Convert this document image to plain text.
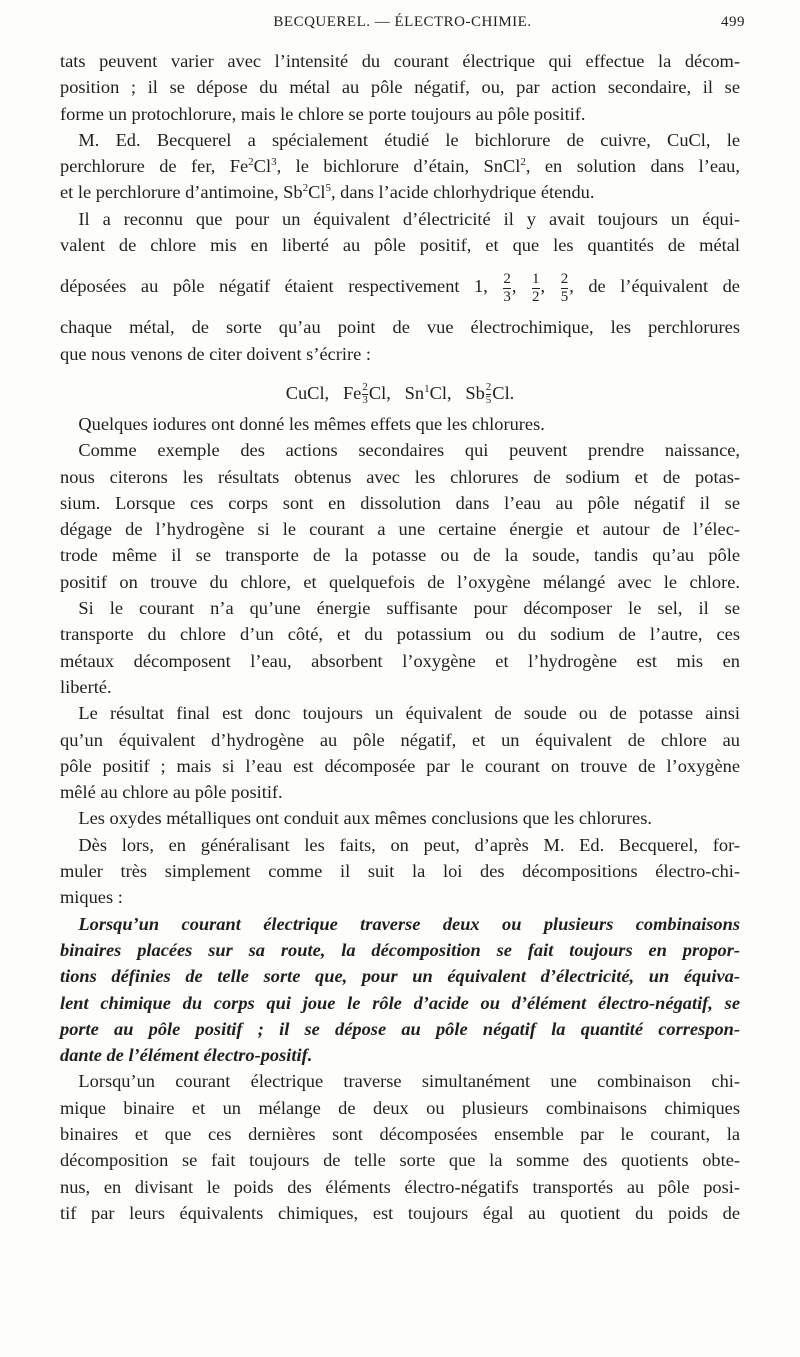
BECQUEREL. — ÉLECTRO-CHIMIE.	499
tats peuvent varier avec l’intensité du courant électrique qui effectue la décom-
position ; il se dépose du métal au pôle négatif, ou, par action secondaire, il se
forme un protochlorure, mais le chlore se porte toujours au pôle positif.
 M. Ed. Becquerel a spécialement étudié le bichlorure de cuivre, CuCl, le
perchlorure de fer, Fe$^2$Cl$^3$, le bichlorure d’étain, SnCl$^2$, en solution dans l’eau,
et le perchlorure d’antimoine, Sb$^2$Cl$^5$, dans l’acide chlorhydrique étendu.
 Il a reconnu que pour un équivalent d’électricité il y avait toujours un équi-
valent de chlore mis en liberté au pôle positif, et que les quantités de métal
déposées au pôle négatif étaient respectivement 1, $\frac{2}{3}$ , $\frac{1}{2}$ , $\frac{2}{5}$ , de l’équivalent de
chaque métal, de sorte qu’au point de vue électrochimique, les perchlorures
que nous venons de citer doivent s’écrire :
CuCl,  Fe $\frac{2}{3} Cl$,  Sn$^1$Cl,  Sb $\frac{2}{5} Cl$.
 Quelques iodures ont donné les mêmes effets que les chlorures.
 Comme exemple des actions secondaires qui peuvent prendre naissance,
nous citerons les résultats obtenus avec les chlorures de sodium et de potas-
sium. Lorsque ces corps sont en dissolution dans l’eau au pôle négatif il se
dégage de l’hydrogène si le courant a une certaine énergie et autour de l’élec-
trode même il se transporte de la potasse ou de la soude, tandis qu’au pôle
positif on trouve du chlore, et quelquefois de l’oxygène mélangé avec le chlore.
 Si le courant n’a qu’une énergie suffisante pour décomposer le sel, il se
transporte du chlore d’un côté, et du potassium ou du sodium de l’autre, ces
métaux décomposent l’eau, absorbent l’oxygène et l’hydrogène est mis en
liberté.
 Le résultat final est donc toujours un équivalent de soude ou de potasse ainsi
qu’un équivalent d’hydrogène au pôle négatif, et un équivalent de chlore au
pôle positif ; mais si l’eau est décomposée par le courant on trouve de l’oxygène
mêlé au chlore au pôle positif.
 Les oxydes métalliques ont conduit aux mêmes conclusions que les chlorures.
 Dès lors, en généralisant les faits, on peut, d’après M. Ed. Becquerel, for-
muler très simplement comme il suit la loi des décompositions électro-chi-
miques :
 Lorsqu’un courant électrique traverse deux ou plusieurs combinaisons
binaires placées sur sa route, la décomposition se fait toujours en propor-
tions définies de telle sorte que, pour un équivalent d’électricité, un équiva-
lent chimique du corps qui joue le rôle d’acide ou d’élément électro-négatif, se
porte au pôle positif ; il se dépose au pôle négatif la quantité correspon-
dante de l’élément électro-positif.
 Lorsqu’un courant électrique traverse simultanément une combinaison chi-
mique binaire et un mélange de deux ou plusieurs combinaisons chimiques
binaires et que ces dernières sont décomposées ensemble par le courant, la
décomposition se fait toujours de telle sorte que la somme des quotients obte-
nus, en divisant le poids des éléments électro-négatifs transportés au pôle posi-
tif par leurs équivalents chimiques, est toujours égal au quotient du poids de
